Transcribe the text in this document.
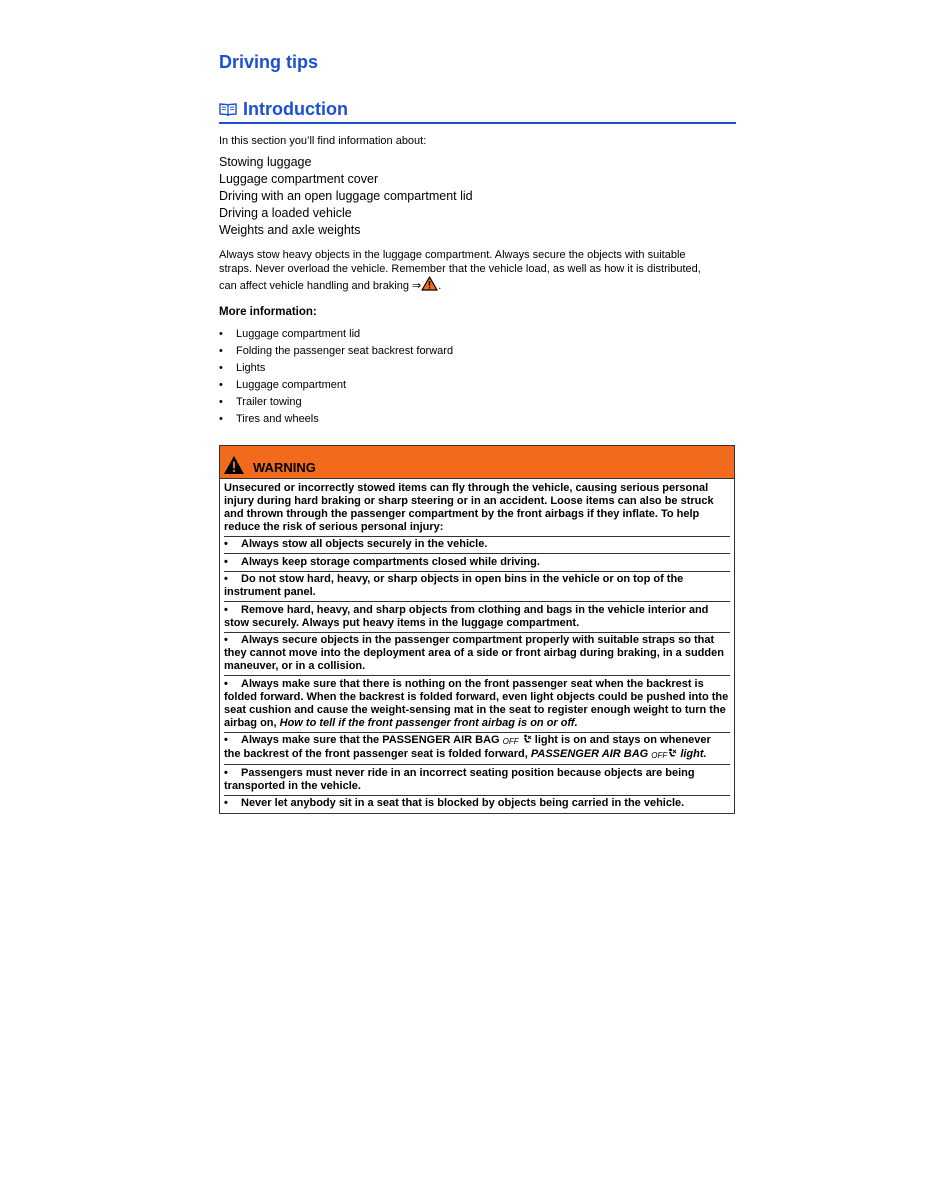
Driving tips
Introduction

In this section you’ll find information about:

Stowing luggage
Luggage compartment cover
Driving with an open luggage compartment lid
Driving a loaded vehicle
Weights and axle weights

Always stow heavy objects in the luggage compartment. Always secure the objects with suitable
straps. Never overload the vehicle. Remember that the vehicle load, as well as how it is distributed,
can affect vehicle handling and braking ⇒ .

More information:
• Luggage compartment lid
• Folding the passenger seat backrest forward
• Lights
• Luggage compartment
• Trailer towing
• Tires and wheels
WARNING

Unsecured or incorrectly stowed items can fly through the vehicle, causing serious personal injury during hard braking or sharp steering or in an accident. Loose items can also be struck and thrown through the passenger compartment by the front airbags if they inflate. To help reduce the risk of serious personal injury:

• Always stow all objects securely in the vehicle.

• Always keep storage compartments closed while driving.

• Do not stow hard, heavy, or sharp objects in open bins in the vehicle or on top of the instrument panel.

• Remove hard, heavy, and sharp objects from clothing and bags in the vehicle interior and stow securely. Always put heavy items in the luggage compartment.

• Always secure objects in the passenger compartment properly with suitable straps so that they cannot move into the deployment area of a side or front airbag during braking, in a sudden maneuver, or in a collision.

• Always make sure that there is nothing on the front passenger seat when the backrest is folded forward. When the backrest is folded forward, even light objects could be pushed into the seat cushion and cause the weight-sensing mat in the seat to register enough weight to turn the airbag on, How to tell if the front passenger front airbag is on or off.

• Always make sure that the PASSENGER AIR BAG OFF  light is on and stays on whenever the backrest of the front passenger seat is folded forward, PASSENGER AIR BAG OFF light.

• Passengers must never ride in an incorrect seating position because objects are being transported in the vehicle.

• Never let anybody sit in a seat that is blocked by objects being carried in the vehicle.
